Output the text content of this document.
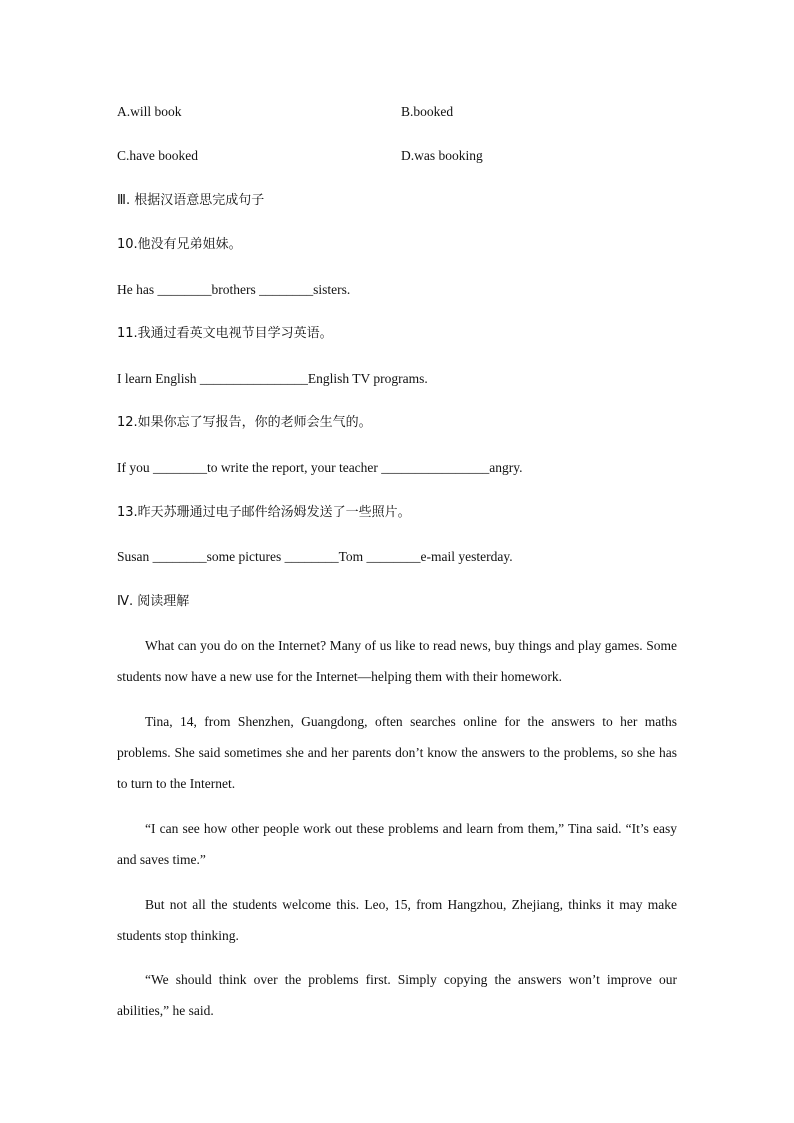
A.will book	B.booked
C.have booked	D.was booking
Ⅲ. 根据汉语意思完成句子
10.他没有兄弟姐妹。
He has ________brothers ________sisters.
11.我通过看英文电视节目学习英语。
I learn English ________________English TV programs.
12.如果你忘了写报告，你的老师会生气的。
If you ________to write the report, your teacher ________________angry.
13.昨天苏珊通过电子邮件给汤姆发送了一些照片。
Susan ________some pictures ________Tom ________e-mail yesterday.
Ⅳ. 阅读理解
What can you do on the Internet? Many of us like to read news, buy things and play games. Some students now have a new use for the Internet—helping them with their homework.
Tina, 14, from Shenzhen, Guangdong, often searches online for the answers to her maths problems. She said sometimes she and her parents don’t know the answers to the problems, so she has to turn to the Internet.
“I can see how other people work out these problems and learn from them,” Tina said. “It’s easy and saves time.”
But not all the students welcome this. Leo, 15, from Hangzhou, Zhejiang, thinks it may make students stop thinking.
“We should think over the problems first. Simply copying the answers won’t improve our abilities,” he said.
